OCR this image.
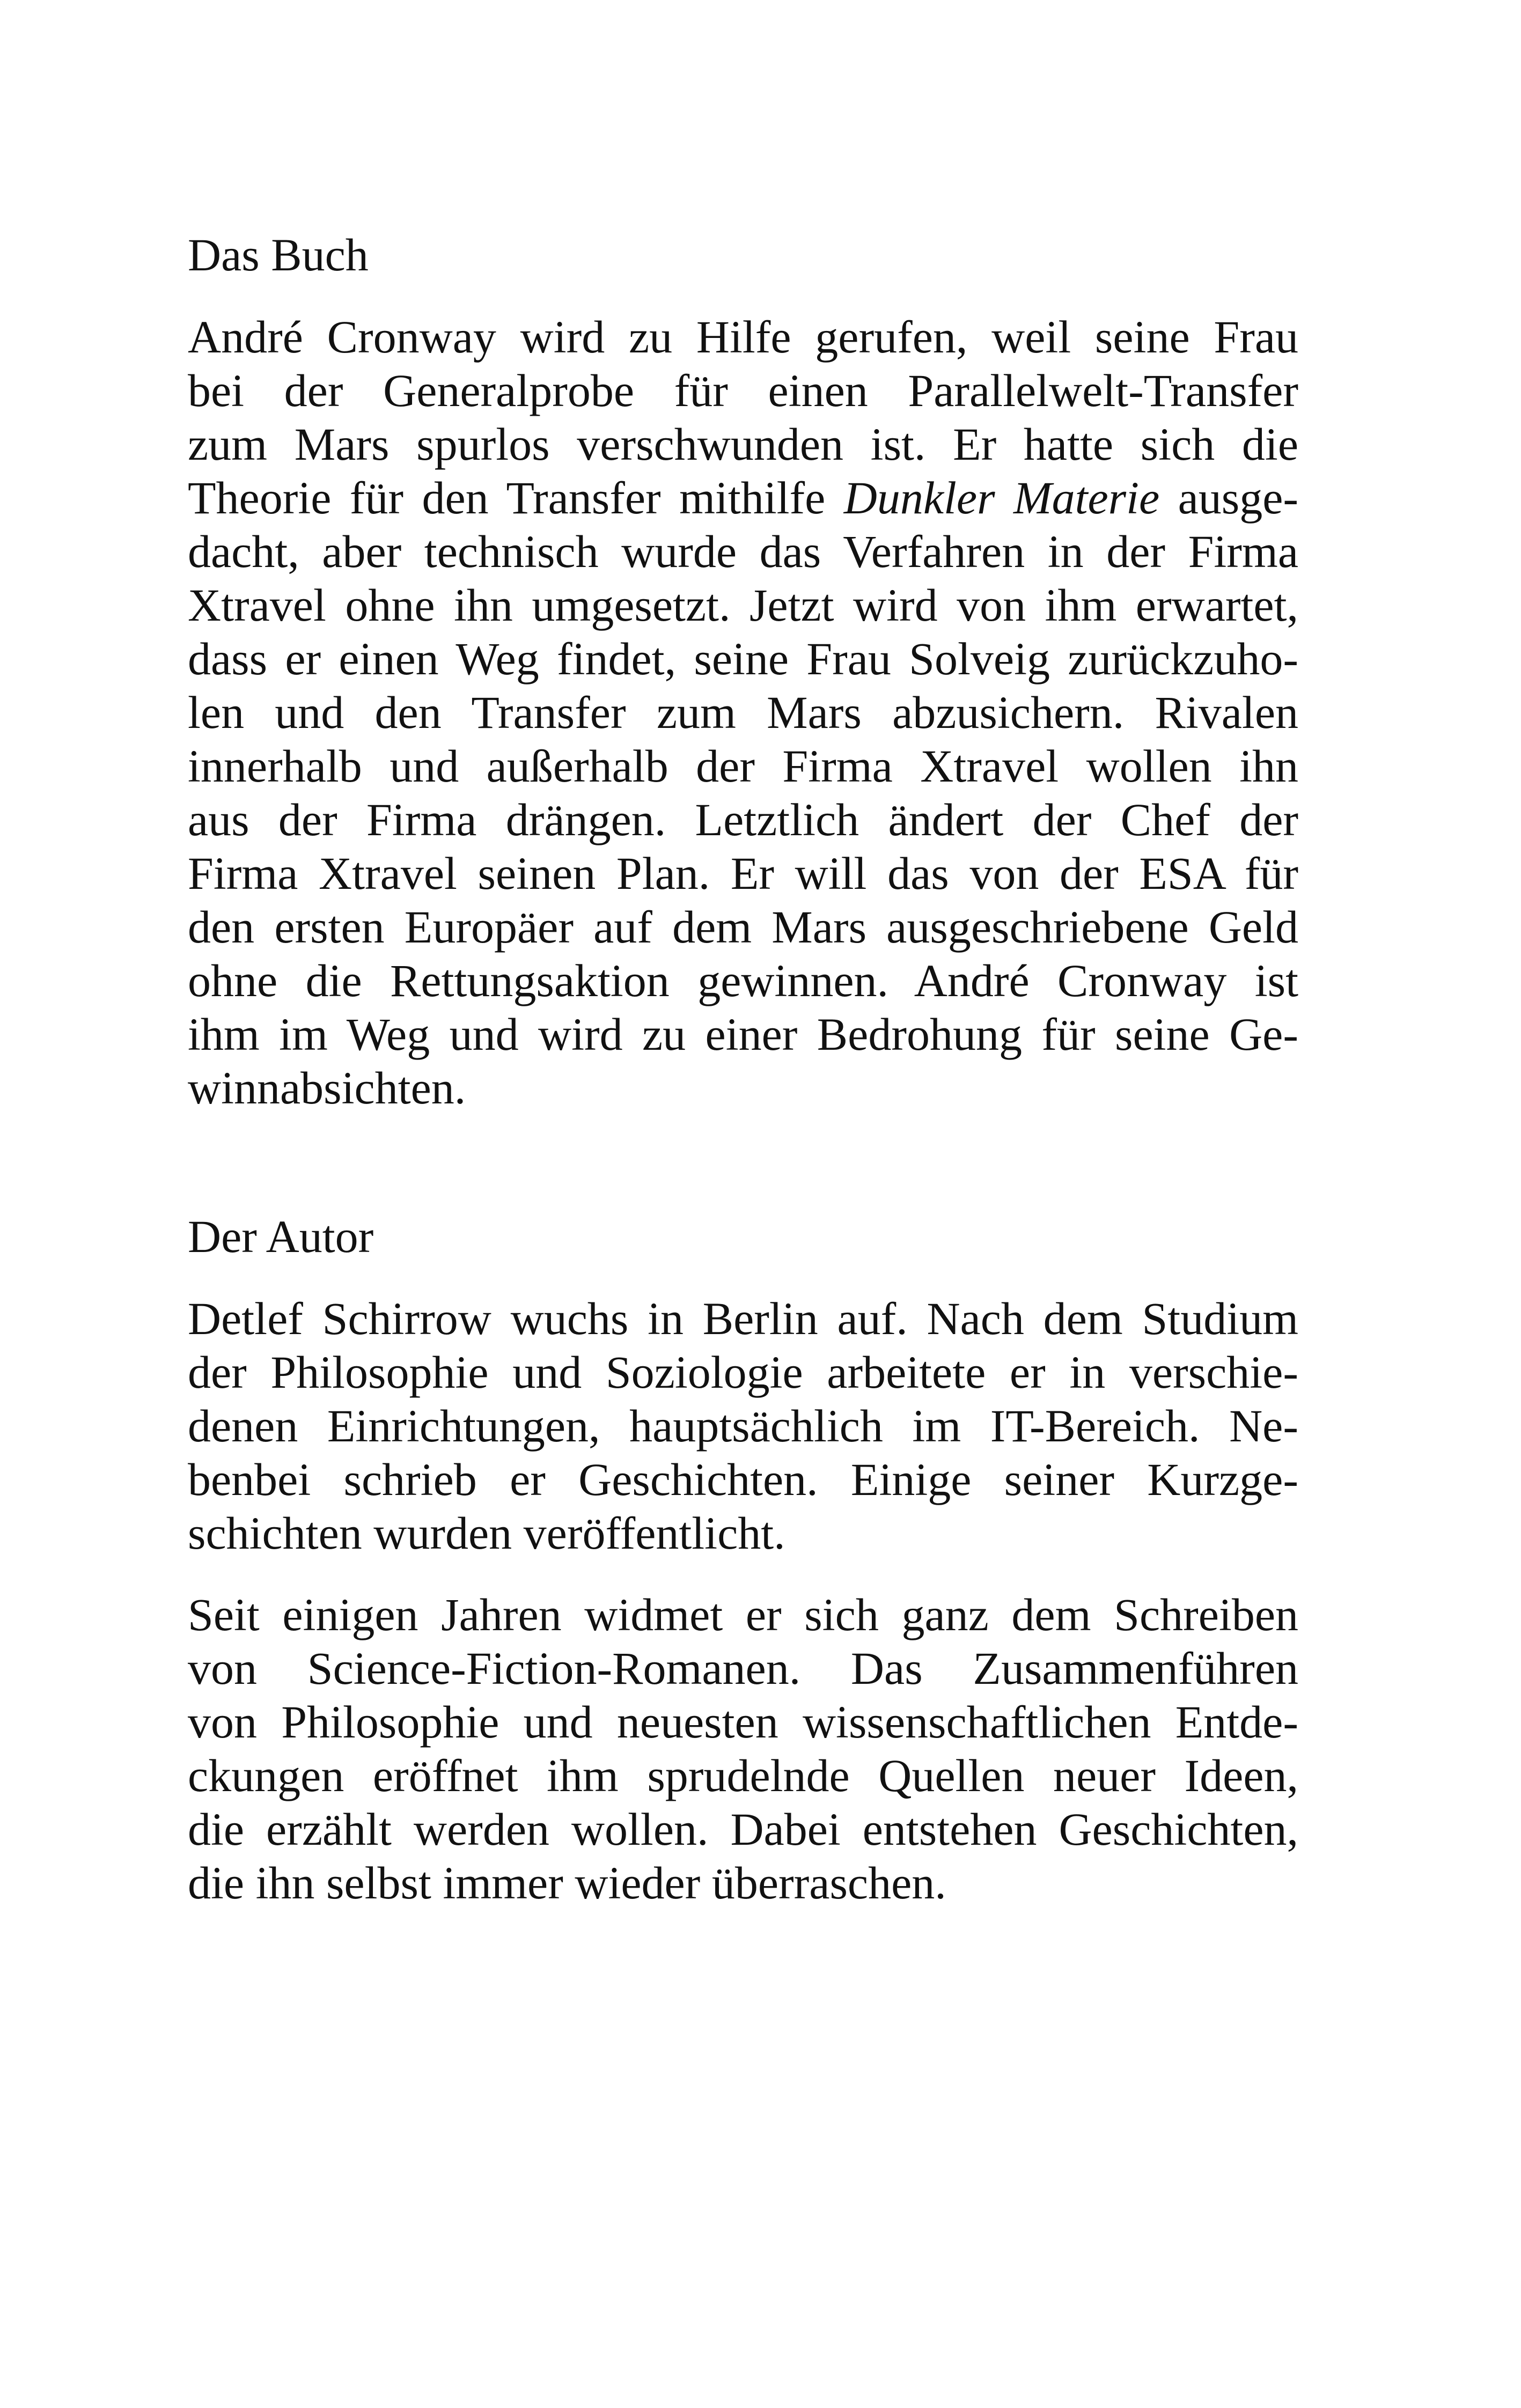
Das Buch
André Cronway wird zu Hilfe gerufen, weil seine Frau
bei der Generalprobe für einen Parallelwelt-Transfer
zum Mars spurlos verschwunden ist. Er hatte sich die
Theorie für den Transfer mithilfe Dunkler Materie ausge-
dacht, aber technisch wurde das Verfahren in der Firma
Xtravel ohne ihn umgesetzt. Jetzt wird von ihm erwartet,
dass er einen Weg findet, seine Frau Solveig zurückzuho-
len und den Transfer zum Mars abzusichern. Rivalen
innerhalb und außerhalb der Firma Xtravel wollen ihn
aus der Firma drängen. Letztlich ändert der Chef der
Firma Xtravel seinen Plan. Er will das von der ESA für
den ersten Europäer auf dem Mars ausgeschriebene Geld
ohne die Rettungsaktion gewinnen. André Cronway ist
ihm im Weg und wird zu einer Bedrohung für seine Ge-
winnabsichten.
Der Autor
Detlef Schirrow wuchs in Berlin auf. Nach dem Studium
der Philosophie und Soziologie arbeitete er in verschie-
denen Einrichtungen, hauptsächlich im IT-Bereich. Ne-
benbei schrieb er Geschichten. Einige seiner Kurzge-
schichten wurden veröffentlicht.
Seit einigen Jahren widmet er sich ganz dem Schreiben
von Science-Fiction-Romanen. Das Zusammenführen
von Philosophie und neuesten wissenschaftlichen Entde-
ckungen eröffnet ihm sprudelnde Quellen neuer Ideen,
die erzählt werden wollen. Dabei entstehen Geschichten,
die ihn selbst immer wieder überraschen.
